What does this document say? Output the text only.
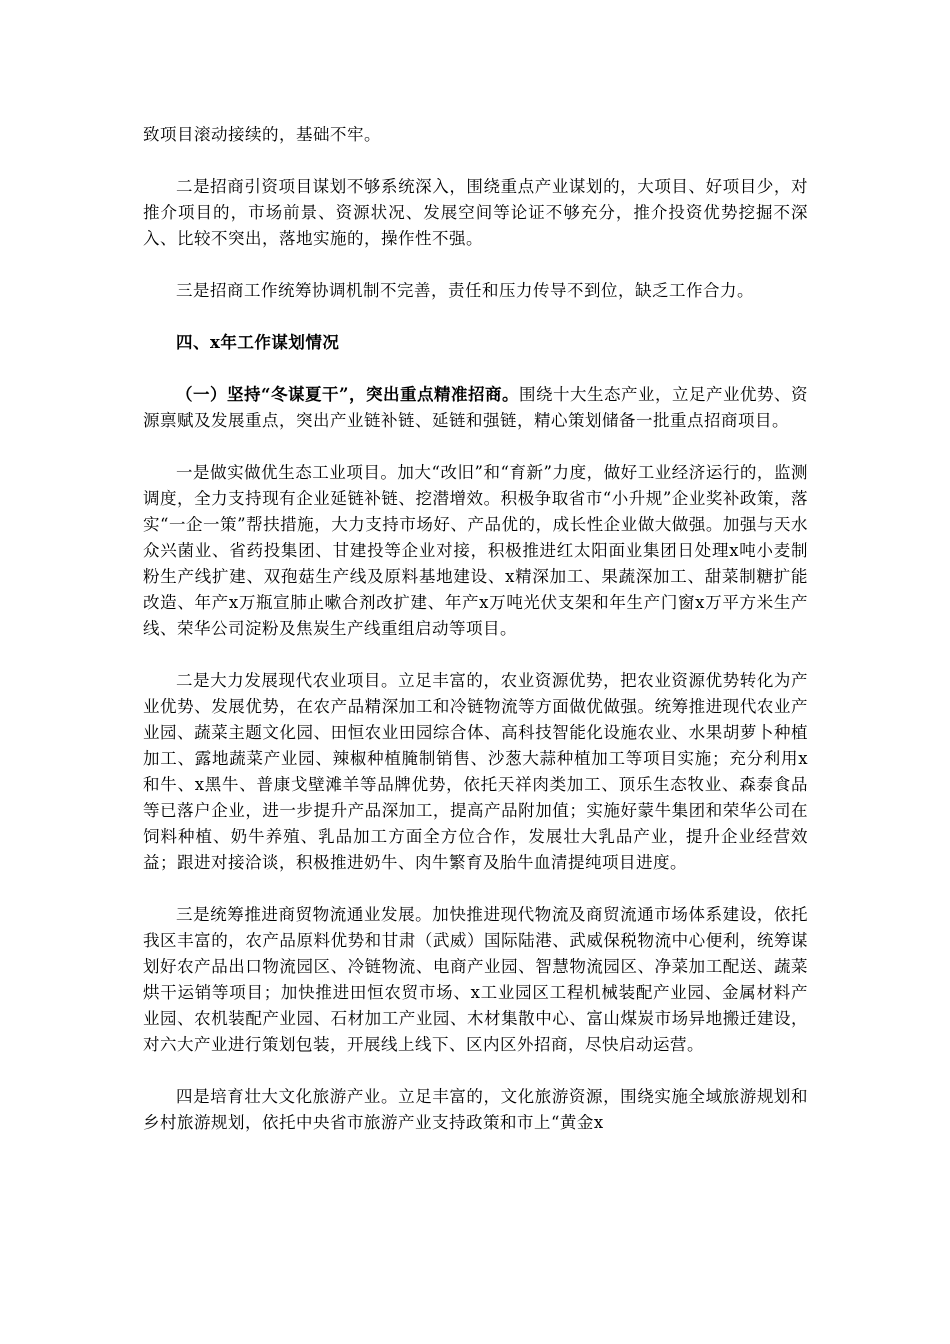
致项目滚动接续的，基础不牢。

二是招商引资项目谋划不够系统深入，围绕重点产业谋划的，大项目、好项目少，对推介项目的，市场前景、资源状况、发展空间等论证不够充分，推介投资优势挖掘不深入、比较不突出，落地实施的，操作性不强。

三是招商工作统筹协调机制不完善，责任和压力传导不到位，缺乏工作合力。

四、x年工作谋划情况

（一）坚持“冬谋夏干”，突出重点精准招商。围绕十大生态产业，立足产业优势、资源禀赋及发展重点，突出产业链补链、延链和强链，精心策划储备一批重点招商项目。

一是做实做优生态工业项目。加大“改旧”和“育新”力度，做好工业经济运行的，监测调度，全力支持现有企业延链补链、挖潜增效。积极争取省市“小升规”企业奖补政策，落实“一企一策”帮扶措施，大力支持市场好、产品优的，成长性企业做大做强。加强与天水众兴菌业、省药投集团、甘建投等企业对接，积极推进红太阳面业集团日处理x吨小麦制粉生产线扩建、双孢菇生产线及原料基地建设、x精深加工、果蔬深加工、甜菜制糖扩能改造、年产x万瓶宣肺止嗽合剂改扩建、年产x万吨光伏支架和年生产门窗x万平方米生产线、荣华公司淀粉及焦炭生产线重组启动等项目。

二是大力发展现代农业项目。立足丰富的，农业资源优势，把农业资源优势转化为产业优势、发展优势，在农产品精深加工和冷链物流等方面做优做强。统筹推进现代农业产业园、蔬菜主题文化园、田恒农业田园综合体、高科技智能化设施农业、水果胡萝卜种植加工、露地蔬菜产业园、辣椒种植腌制销售、沙葱大蒜种植加工等项目实施；充分利用x和牛、x黑牛、普康戈壁滩羊等品牌优势，依托天祥肉类加工、顶乐生态牧业、森泰食品等已落户企业，进一步提升产品深加工，提高产品附加值；实施好蒙牛集团和荣华公司在饲料种植、奶牛养殖、乳品加工方面全方位合作，发展壮大乳品产业，提升企业经营效益；跟进对接洽谈，积极推进奶牛、肉牛繁育及胎牛血清提纯项目进度。

三是统筹推进商贸物流通业发展。加快推进现代物流及商贸流通市场体系建设，依托我区丰富的，农产品原料优势和甘肃（武威）国际陆港、武威保税物流中心便利，统筹谋划好农产品出口物流园区、冷链物流、电商产业园、智慧物流园区、净菜加工配送、蔬菜烘干运销等项目；加快推进田恒农贸市场、x工业园区工程机械装配产业园、金属材料产业园、农机装配产业园、石材加工产业园、木材集散中心、富山煤炭市场异地搬迁建设，对六大产业进行策划包装，开展线上线下、区内区外招商，尽快启动运营。

四是培育壮大文化旅游产业。立足丰富的，文化旅游资源，围绕实施全域旅游规划和乡村旅游规划，依托中央省市旅游产业支持政策和市上“黄金x
